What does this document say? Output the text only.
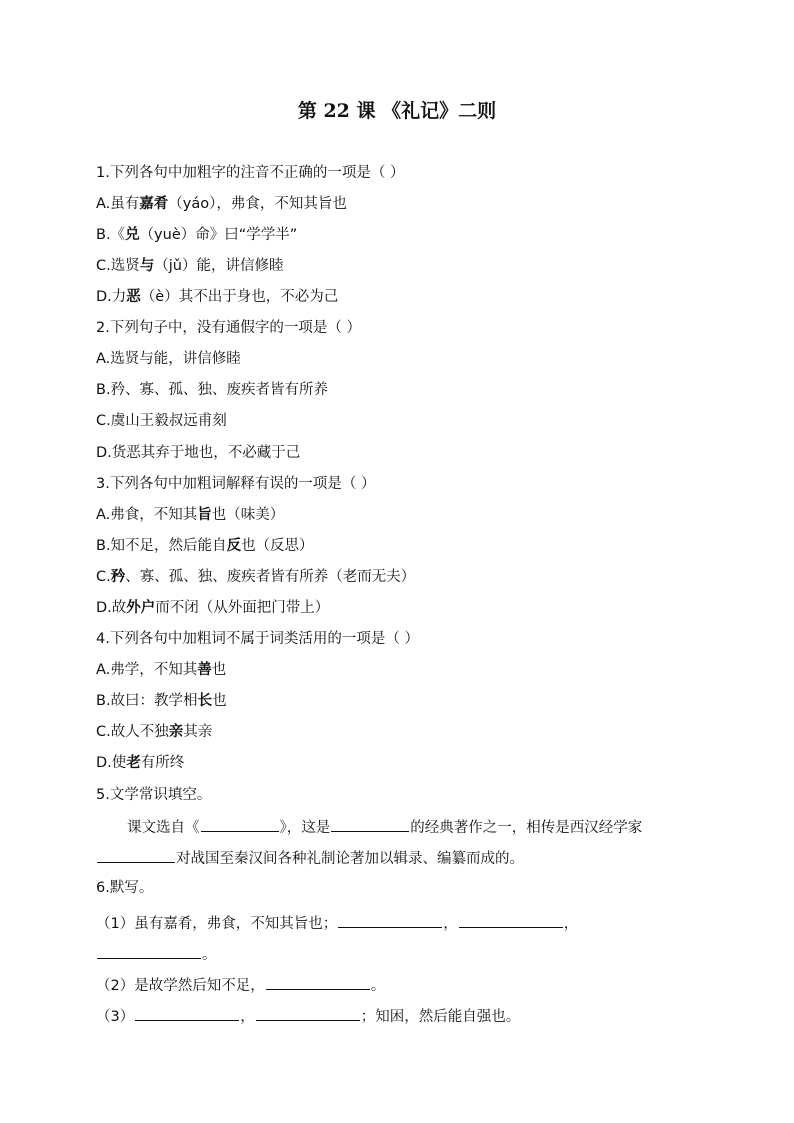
第 22 课 《礼记》二则
1.下列各句中加粗字的注音不正确的一项是（ ）
A.虽有嘉肴（yáo），弗食，不知其旨也
B.《兑（yuè）命》曰“学学半”
C.选贤与（jǔ）能，讲信修睦
D.力恶（è）其不出于身也，不必为己
2.下列句子中，没有通假字的一项是（ ）
A.选贤与能，讲信修睦
B.矜、寡、孤、独、废疾者皆有所养
C.虞山王毅叔远甫刻
D.货恶其弃于地也，不必藏于己
3.下列各句中加粗词解释有误的一项是（ ）
A.弗食，不知其旨也（味美）
B.知不足，然后能自反也（反思）
C.矜、寡、孤、独、废疾者皆有所养（老而无夫）
D.故外户而不闭（从外面把门带上）
4.下列各句中加粗词不属于词类活用的一项是（ ）
A.弗学，不知其善也
B.故曰：教学相长也
C.故人不独亲其亲
D.使老有所终
5.文学常识填空。
课文选自《	》，这是	的经典著作之一，相传是西汉经学家
对战国至秦汉间各种礼制论著加以辑录、编纂而成的。
6.默写。
（1）虽有嘉肴，弗食，不知其旨也；	，	，
。
（2）是故学然后知不足，	。
（3）	，	；知困，然后能自强也。
